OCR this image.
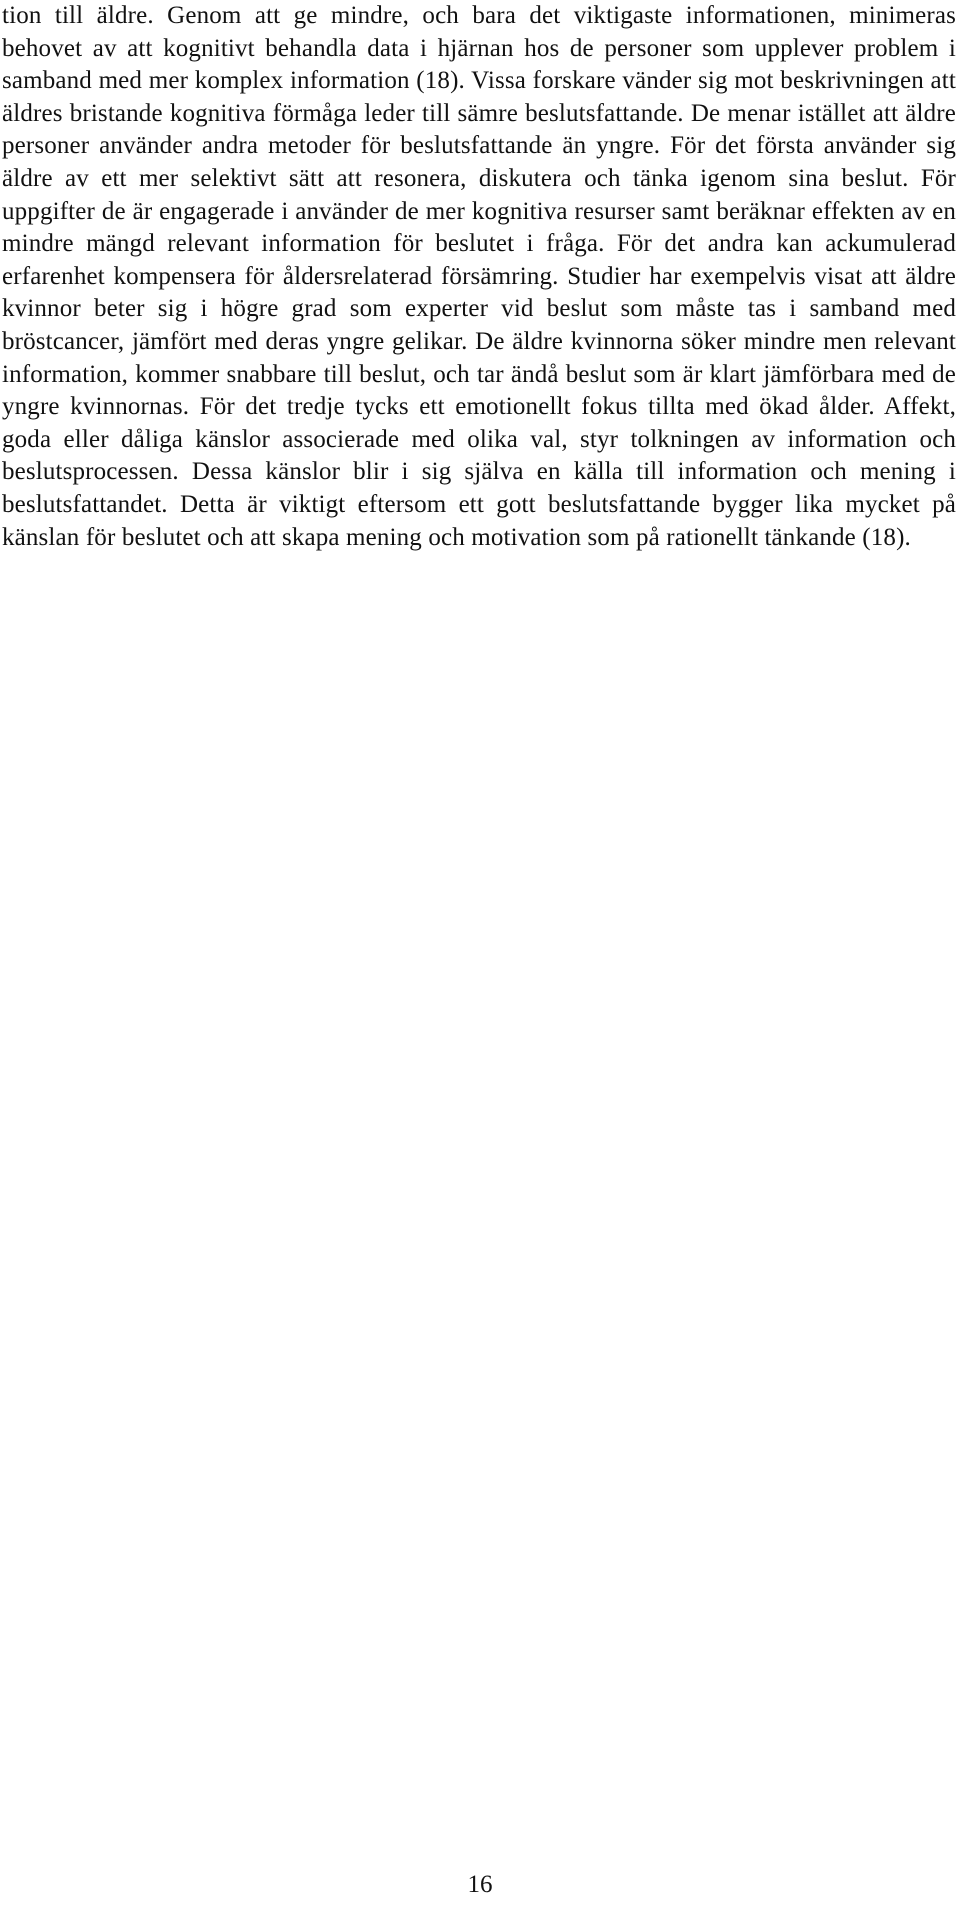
tion till äldre. Genom att ge mindre, och bara det viktigaste informationen, minimeras behovet av att kognitivt behandla data i hjärnan hos de personer som upplever problem i samband med mer komplex information (18). Vissa forskare vänder sig mot beskrivningen att äldres bristande kognitiva förmåga leder till sämre beslutsfattande. De menar istället att äldre personer använder andra metoder för beslutsfattande än yngre. För det första använder sig äldre av ett mer selektivt sätt att resonera, diskutera och tänka igenom sina beslut. För uppgifter de är engagerade i använder de mer kognitiva resurser samt beräknar effekten av en mindre mängd relevant information för beslutet i fråga. För det andra kan ackumulerad erfarenhet kompensera för åldersrelaterad försämring. Studier har exempelvis visat att äldre kvinnor beter sig i högre grad som experter vid beslut som måste tas i samband med bröstcancer, jämfört med deras yngre gelikar. De äldre kvinnorna söker mindre men relevant information, kommer snabbare till beslut, och tar ändå beslut som är klart jämförbara med de yngre kvinnornas. För det tredje tycks ett emotionellt fokus tillta med ökad ålder. Affekt, goda eller dåliga känslor associerade med olika val, styr tolkningen av information och beslutsprocessen. Dessa känslor blir i sig själva en källa till information och mening i beslutsfattandet. Detta är viktigt eftersom ett gott beslutsfattande bygger lika mycket på känslan för beslutet och att skapa mening och motivation som på rationellt tänkande (18).

16
